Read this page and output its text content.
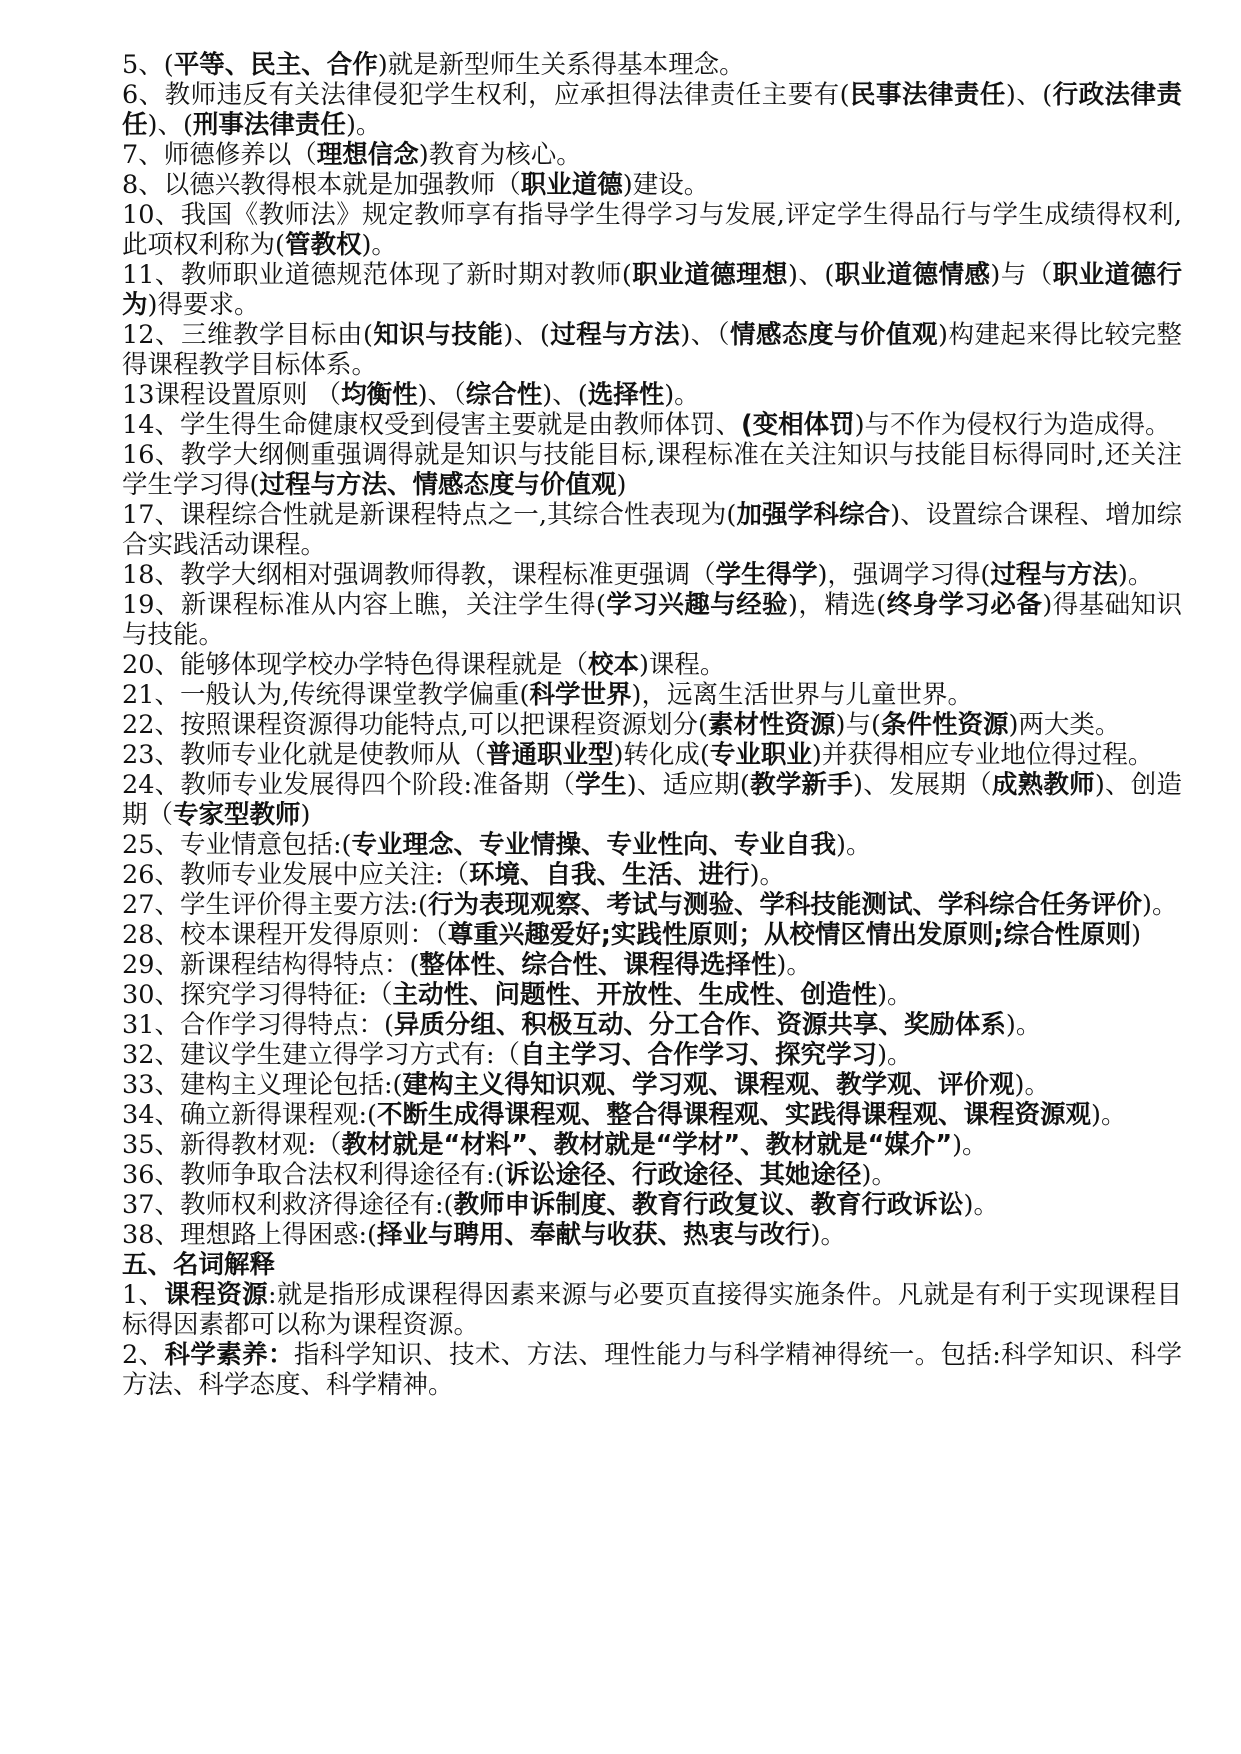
5、(平等、民主、合作)就是新型师生关系得基本理念。
6、教师违反有关法律侵犯学生权利，应承担得法律责任主要有(民事法律责任)、(行政法律责任)、(刑事法律责任)。
7、师德修养以（理想信念)教育为核心。
8、以德兴教得根本就是加强教师（职业道德)建设。
10、我国《教师法》规定教师享有指导学生得学习与发展,评定学生得品行与学生成绩得权利,此项权利称为(管教权)。
11、教师职业道德规范体现了新时期对教师(职业道德理想)、(职业道德情感)与（职业道德行为)得要求。
12、三维教学目标由(知识与技能)、(过程与方法)、（情感态度与价值观)构建起来得比较完整得课程教学目标体系。
13课程设置原则 （均衡性)、（综合性)、(选择性)。
14、学生得生命健康权受到侵害主要就是由教师体罚、(变相体罚)与不作为侵权行为造成得。
16、教学大纲侧重强调得就是知识与技能目标,课程标准在关注知识与技能目标得同时,还关注学生学习得(过程与方法、情感态度与价值观)
17、课程综合性就是新课程特点之一,其综合性表现为(加强学科综合)、设置综合课程、增加综合实践活动课程。
18、教学大纲相对强调教师得教，课程标准更强调（学生得学)，强调学习得(过程与方法)。
19、新课程标准从内容上瞧，关注学生得(学习兴趣与经验)，精选(终身学习必备)得基础知识与技能。
20、能够体现学校办学特色得课程就是（校本)课程。
21、一般认为,传统得课堂教学偏重(科学世界)，远离生活世界与儿童世界。
22、按照课程资源得功能特点,可以把课程资源划分(素材性资源)与(条件性资源)两大类。
23、教师专业化就是使教师从（普通职业型)转化成(专业职业)并获得相应专业地位得过程。
24、教师专业发展得四个阶段:准备期（学生)、适应期(教学新手)、发展期（成熟教师)、创造期（专家型教师)
25、专业情意包括:(专业理念、专业情操、专业性向、专业自我)。
26、教师专业发展中应关注:（环境、自我、生活、进行)。
27、学生评价得主要方法:(行为表现观察、考试与测验、学科技能测试、学科综合任务评价)。
28、校本课程开发得原则：（尊重兴趣爱好;实践性原则；从校情区情出发原则;综合性原则)
29、新课程结构得特点：(整体性、综合性、课程得选择性)。
30、探究学习得特征:（主动性、问题性、开放性、生成性、创造性)。
31、合作学习得特点：(异质分组、积极互动、分工合作、资源共享、奖励体系)。
32、建议学生建立得学习方式有:（自主学习、合作学习、探究学习)。
33、建构主义理论包括:(建构主义得知识观、学习观、课程观、教学观、评价观)。
34、确立新得课程观:(不断生成得课程观、整合得课程观、实践得课程观、课程资源观)。
35、新得教材观:（教材就是“材料”、教材就是“学材”、教材就是“媒介”)。
36、教师争取合法权利得途径有:(诉讼途径、行政途径、其她途径)。
37、教师权利救济得途径有:(教师申诉制度、教育行政复议、教育行政诉讼)。
38、理想路上得困惑:(择业与聘用、奉献与收获、热衷与改行)。
五、名词解释
1、课程资源:就是指形成课程得因素来源与必要页直接得实施条件。凡就是有利于实现课程目标得因素都可以称为课程资源。
2、科学素养：指科学知识、技术、方法、理性能力与科学精神得统一。包括:科学知识、科学方法、科学态度、科学精神。
